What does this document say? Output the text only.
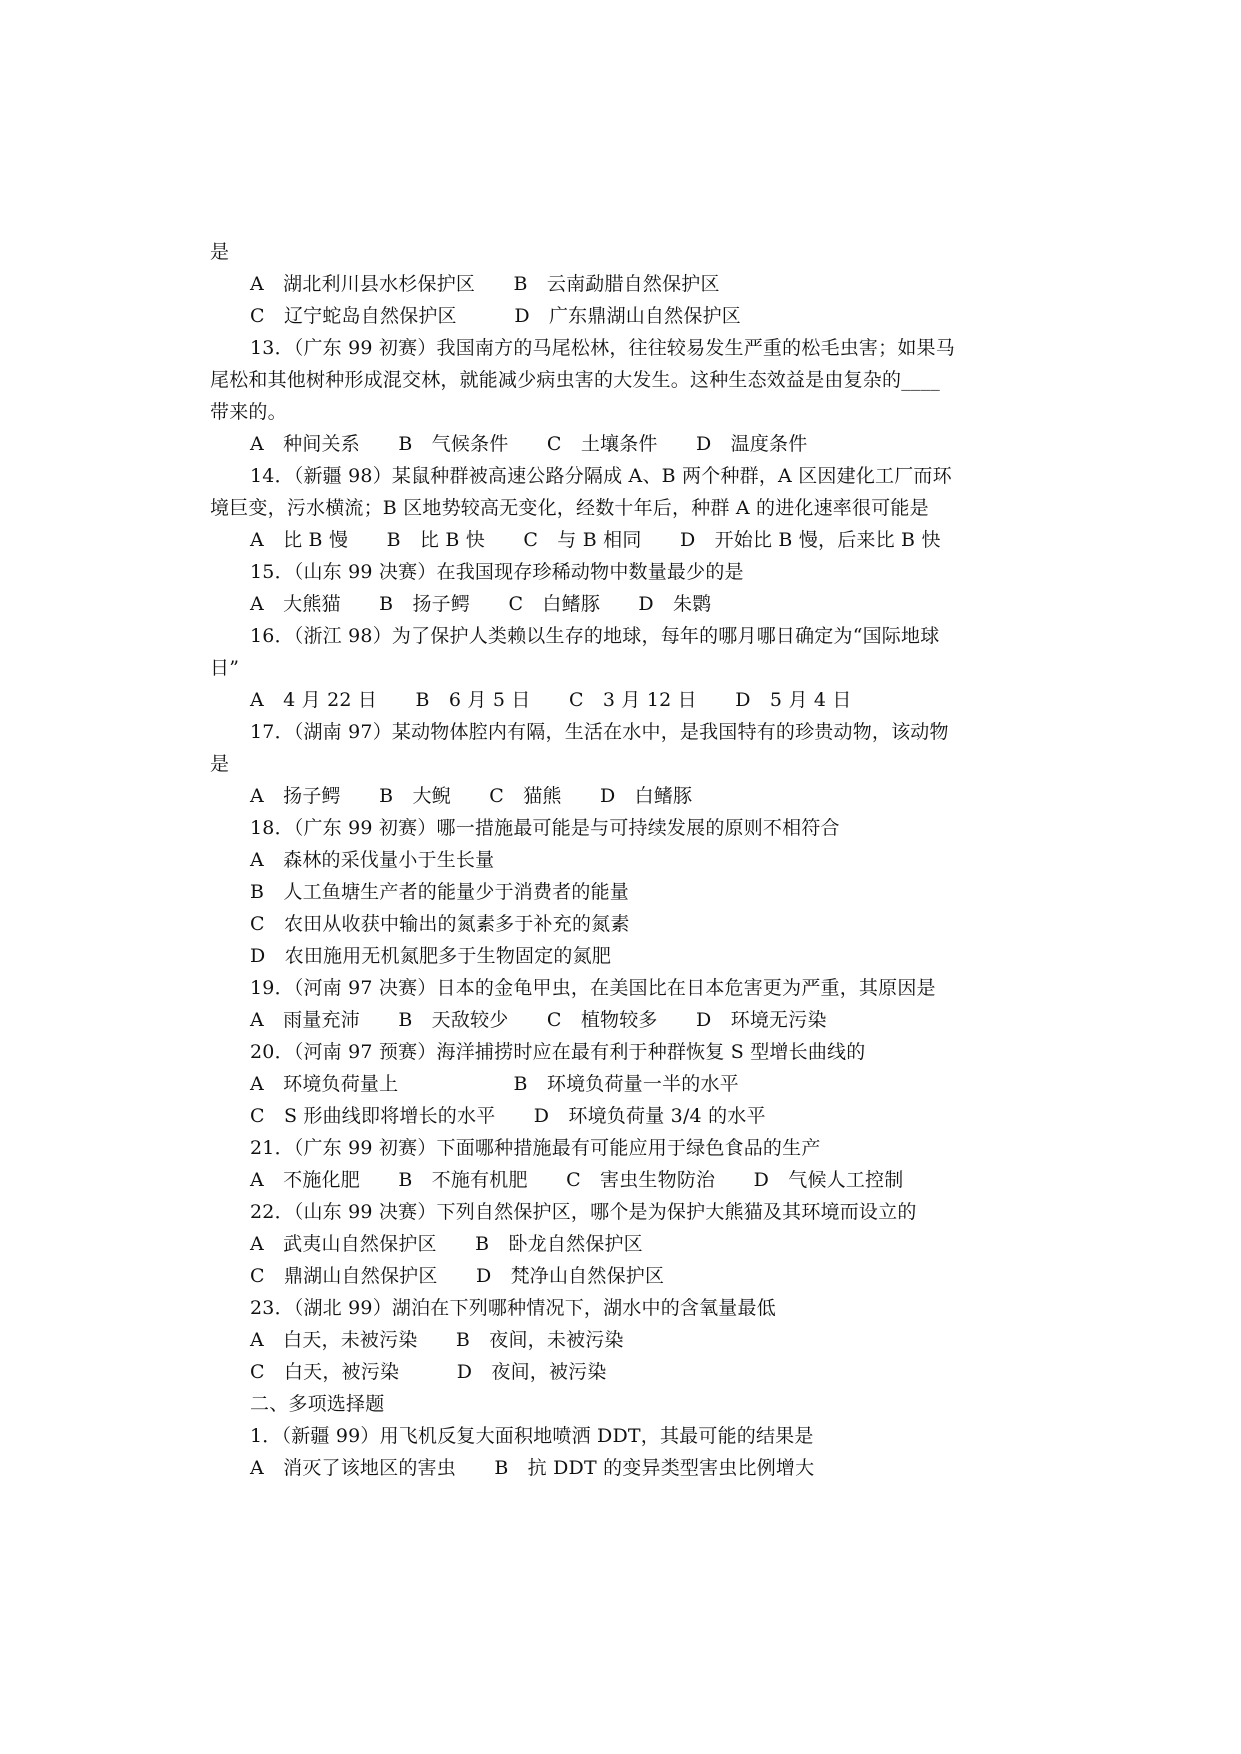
是
A　湖北利川县水杉保护区　　B　云南勐腊自然保护区
C　辽宁蛇岛自然保护区　　　D　广东鼎湖山自然保护区
13．（广东 99 初赛）我国南方的马尾松林，往往较易发生严重的松毛虫害；如果马
尾松和其他树种形成混交林，就能减少病虫害的大发生。这种生态效益是由复杂的____
带来的。
A　种间关系　　B　气候条件　　C　土壤条件　　D　温度条件
14．（新疆 98）某鼠种群被高速公路分隔成 A、B 两个种群，A 区因建化工厂而环
境巨变，污水横流；B 区地势较高无变化，经数十年后，种群 A 的进化速率很可能是
A　比 B 慢　　B　比 B 快　　C　与 B 相同　　D　开始比 B 慢，后来比 B 快
15．（山东 99 决赛）在我国现存珍稀动物中数量最少的是
A　大熊猫　　B　扬子鳄　　C　白鳍豚　　D　朱鹮
16．（浙江 98）为了保护人类赖以生存的地球，每年的哪月哪日确定为“国际地球
日”
A　4 月 22 日　　B　6 月 5 日　　C　3 月 12 日　　D　5 月 4 日
17．（湖南 97）某动物体腔内有隔，生活在水中，是我国特有的珍贵动物，该动物
是
A　扬子鳄　　B　大鲵　　C　猫熊　　D　白鳍豚
18．（广东 99 初赛）哪一措施最可能是与可持续发展的原则不相符合
A　森林的采伐量小于生长量
B　人工鱼塘生产者的能量少于消费者的能量
C　农田从收获中输出的氮素多于补充的氮素
D　农田施用无机氮肥多于生物固定的氮肥
19．（河南 97 决赛）日本的金龟甲虫，在美国比在日本危害更为严重，其原因是
A　雨量充沛　　B　天敌较少　　C　植物较多　　D　环境无污染
20．（河南 97 预赛）海洋捕捞时应在最有利于种群恢复 S 型增长曲线的
A　环境负荷量上　　　　　　B　环境负荷量一半的水平
C　S 形曲线即将增长的水平　　D　环境负荷量 3/4 的水平
21．（广东 99 初赛）下面哪种措施最有可能应用于绿色食品的生产
A　不施化肥　　B　不施有机肥　　C　害虫生物防治　　D　气候人工控制
22．（山东 99 决赛）下列自然保护区，哪个是为保护大熊猫及其环境而设立的
A　武夷山自然保护区　　B　卧龙自然保护区
C　鼎湖山自然保护区　　D　梵净山自然保护区
23．（湖北 99）湖泊在下列哪种情况下，湖水中的含氧量最低
A　白天，未被污染　　B　夜间，未被污染
C　白天，被污染　　　D　夜间，被污染
二、多项选择题
1．（新疆 99）用飞机反复大面积地喷洒 DDT，其最可能的结果是
A　消灭了该地区的害虫　　B　抗 DDT 的变异类型害虫比例增大
